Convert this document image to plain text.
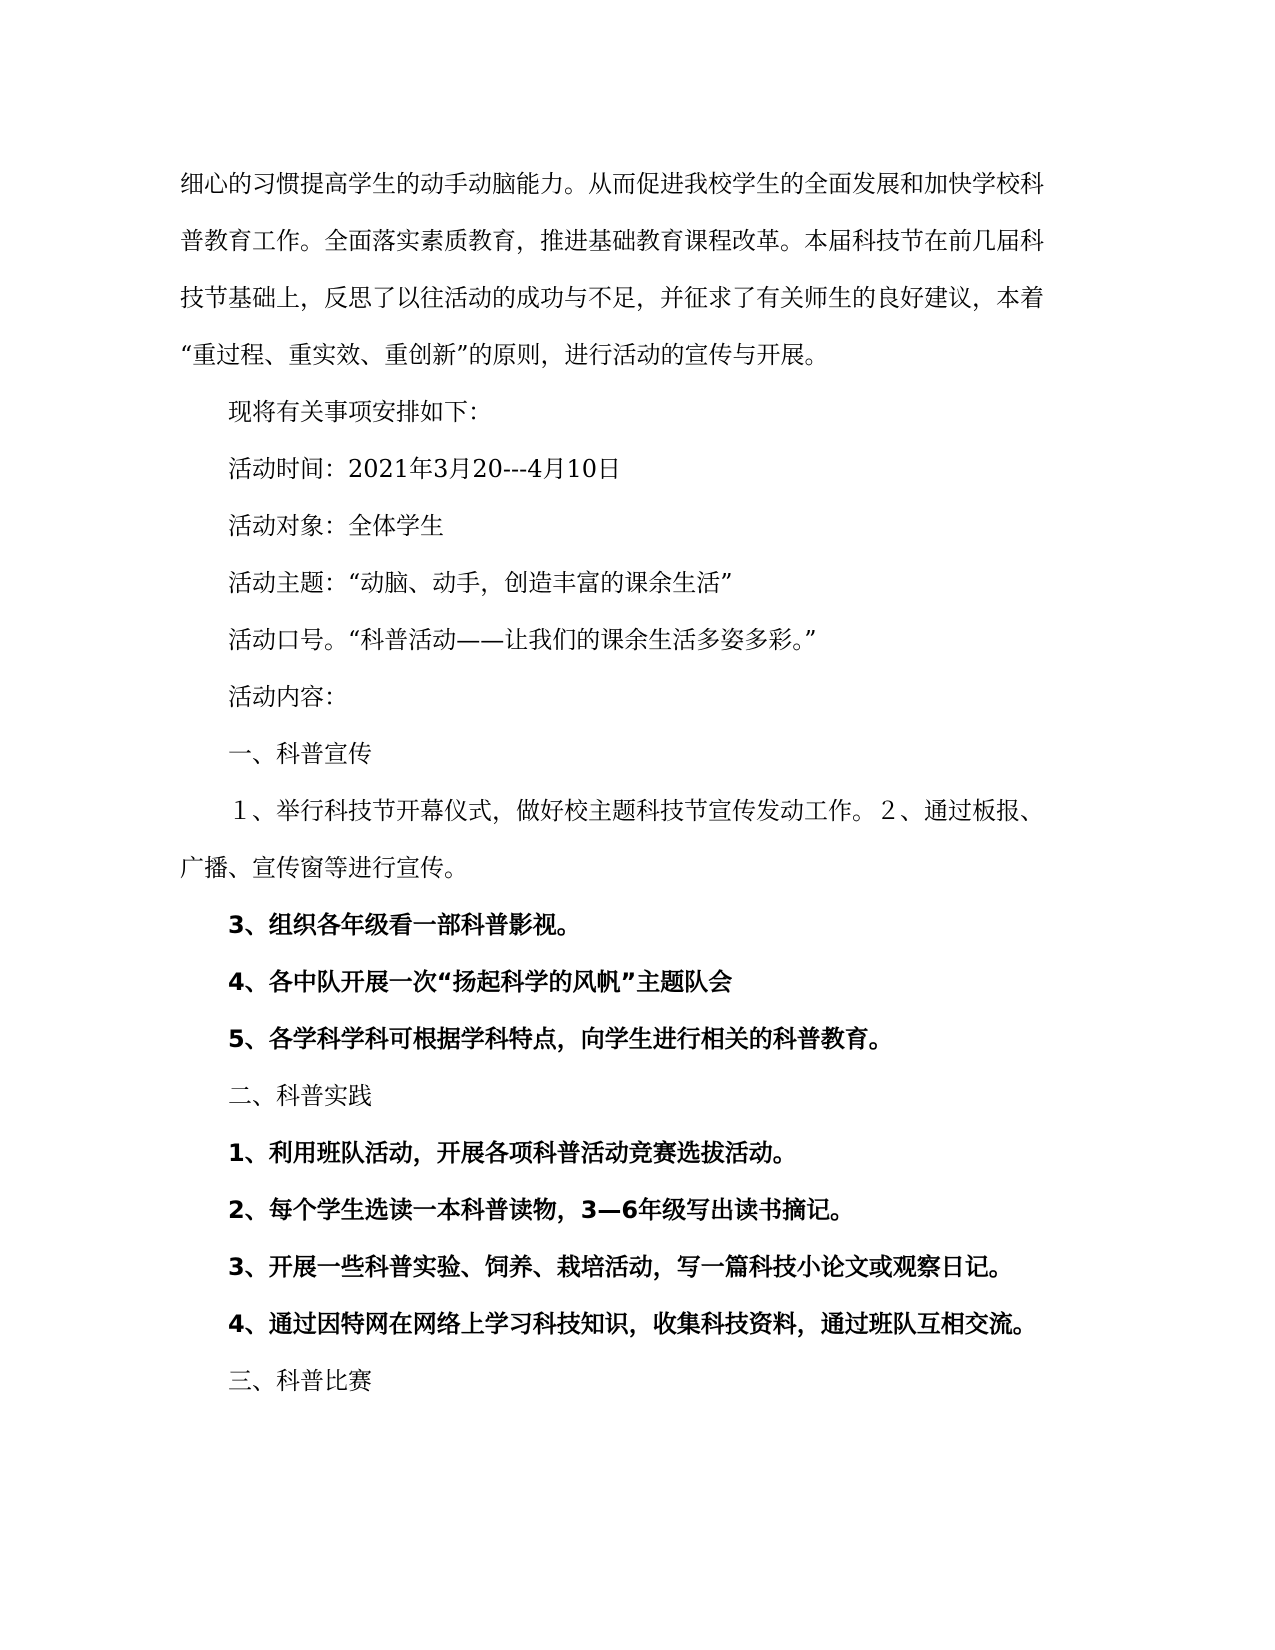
细心的习惯提高学生的动手动脑能力。从而促进我校学生的全面发展和加快学校科

普教育工作。全面落实素质教育，推进基础教育课程改革。本届科技节在前几届科

技节基础上，反思了以往活动的成功与不足，并征求了有关师生的良好建议，本着

“重过程、重实效、重创新”的原则，进行活动的宣传与开展。

现将有关事项安排如下：

活动时间：2021年3月20---4月10日

活动对象：全体学生

活动主题：“动脑、动手，创造丰富的课余生活”

活动口号。“科普活动——让我们的课余生活多姿多彩。”

活动内容：

一、科普宣传

１、举行科技节开幕仪式，做好校主题科技节宣传发动工作。２、通过板报、

广播、宣传窗等进行宣传。

3、组织各年级看一部科普影视。

4、各中队开展一次“扬起科学的风帆”主题队会

5、各学科学科可根据学科特点，向学生进行相关的科普教育。

二、科普实践

1、利用班队活动，开展各项科普活动竞赛选拔活动。

2、每个学生选读一本科普读物，3—6年级写出读书摘记。

3、开展一些科普实验、饲养、栽培活动，写一篇科技小论文或观察日记。

4、通过因特网在网络上学习科技知识，收集科技资料，通过班队互相交流。

三、科普比赛
